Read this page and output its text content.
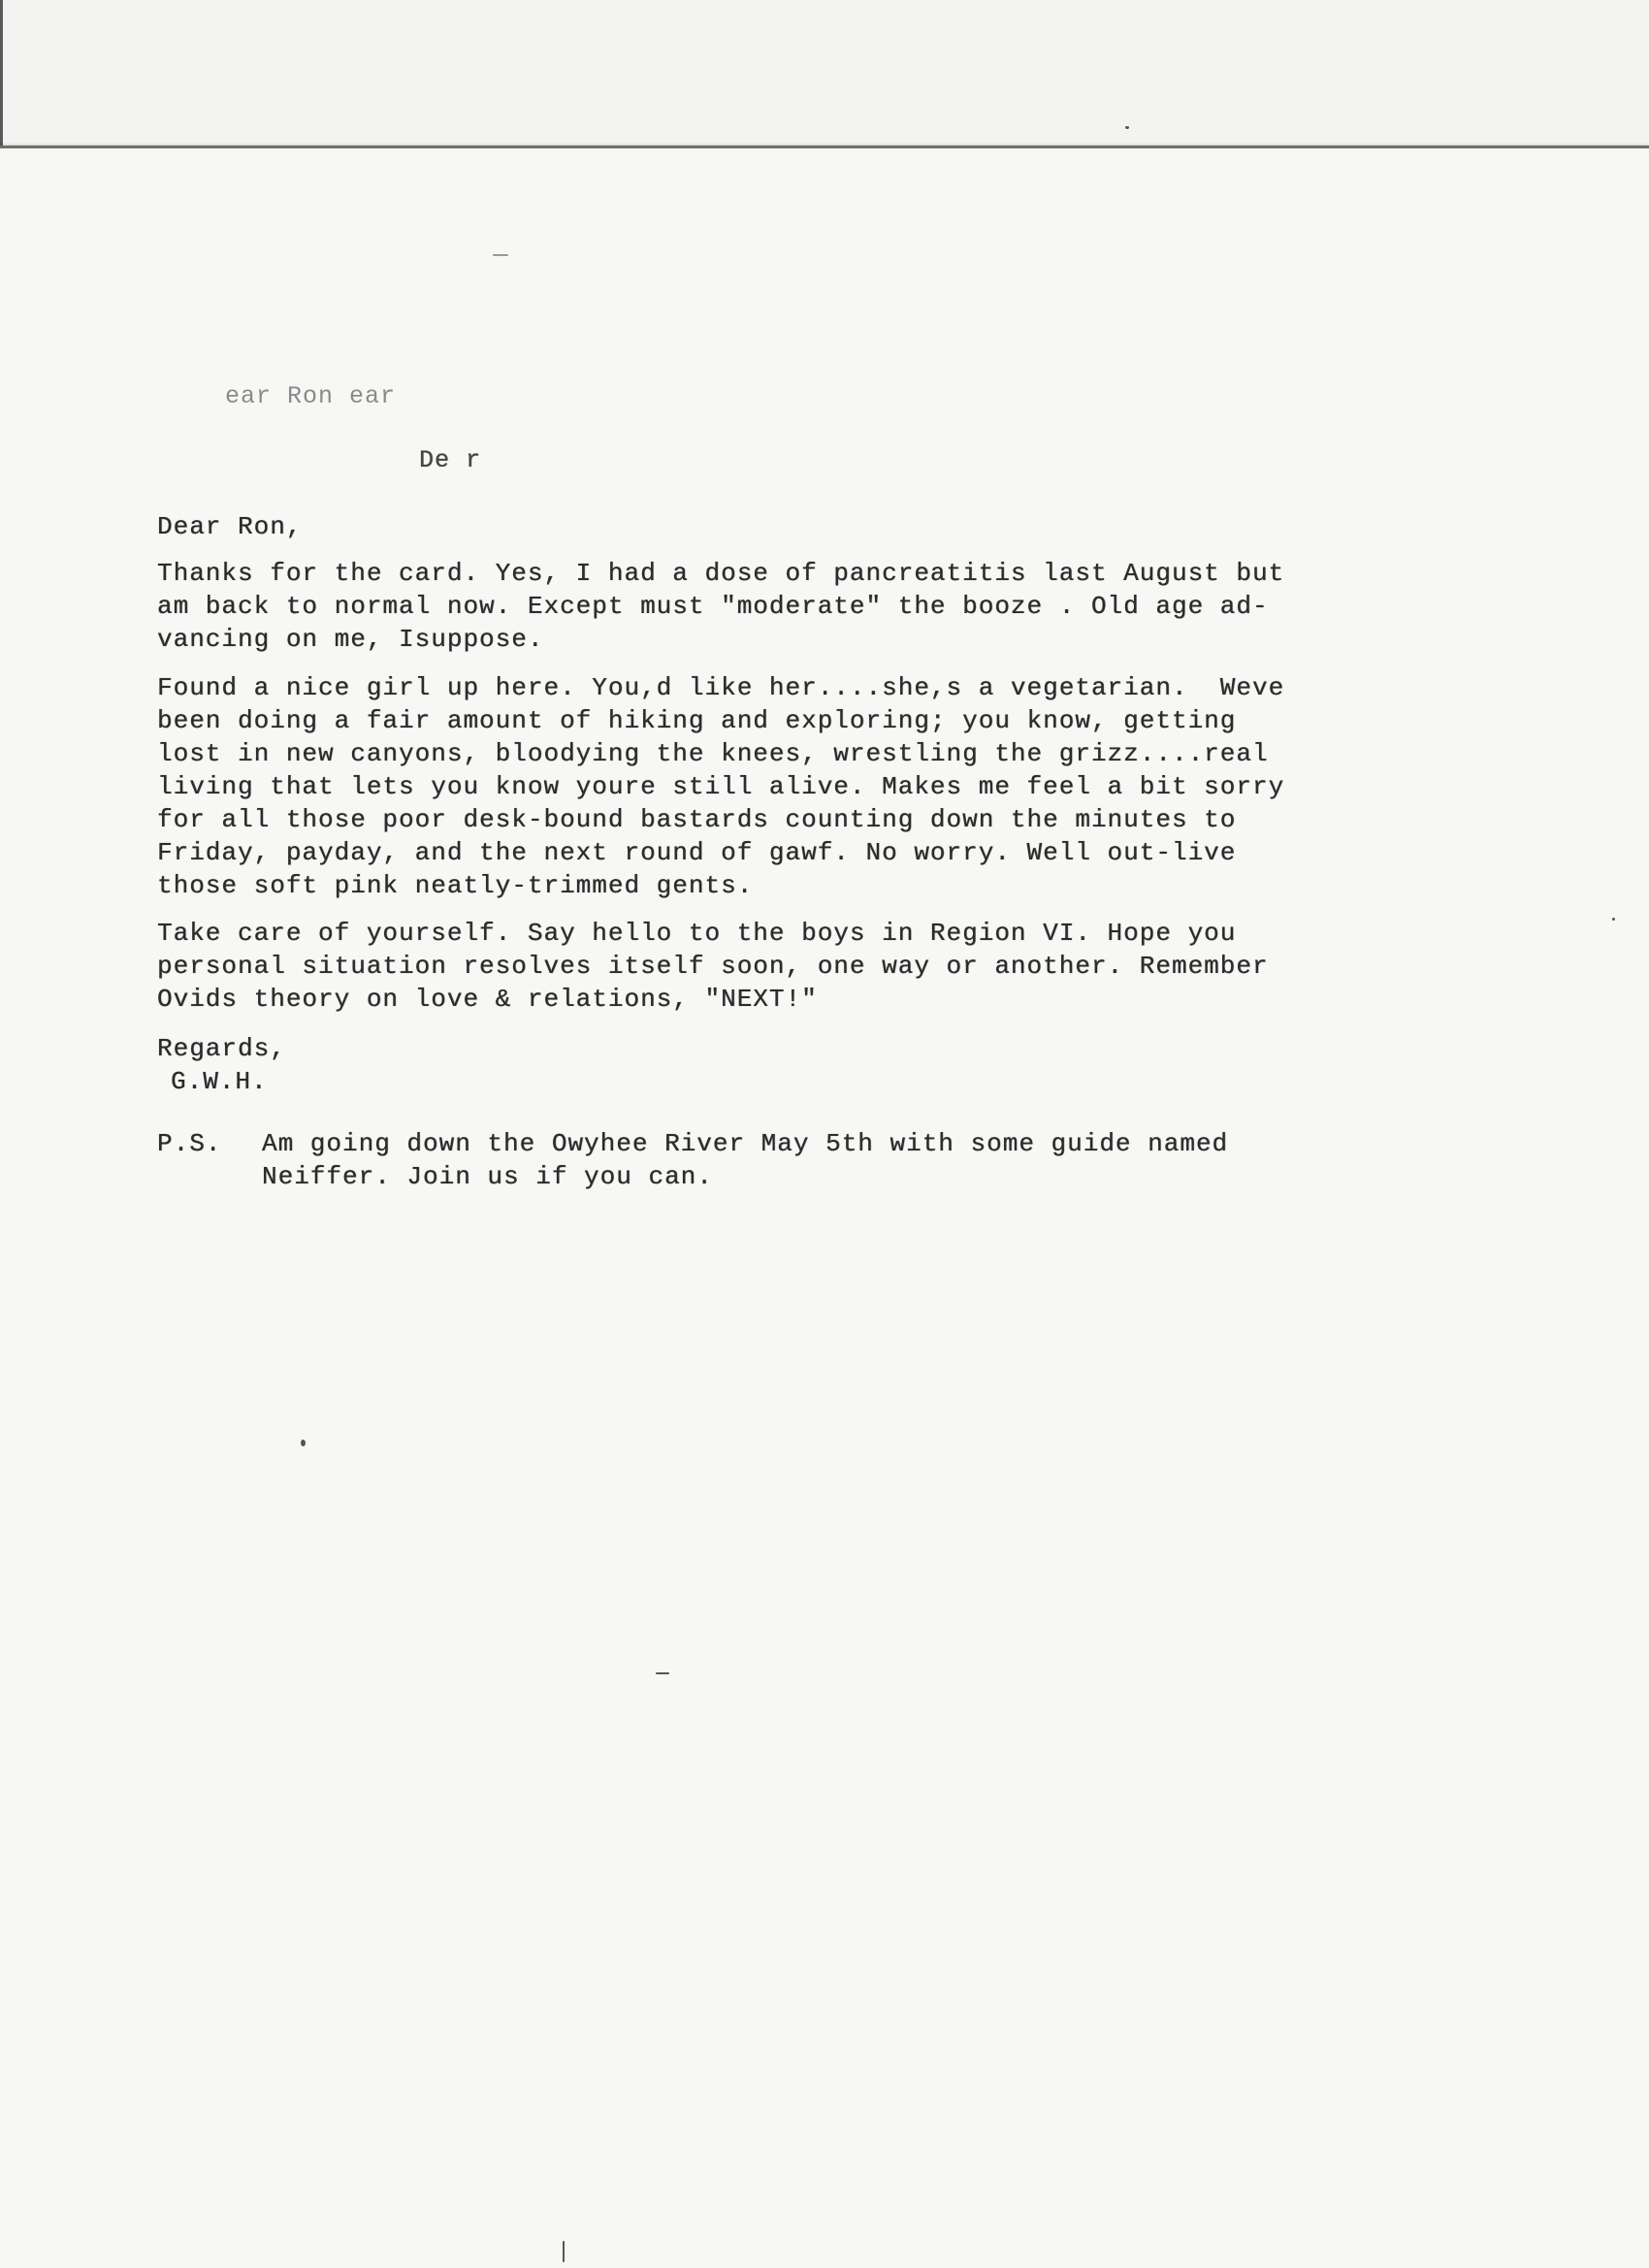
ear Ron ear
De r
Dear Ron,
Thanks for the card. Yes, I had a dose of pancreatitis last August but
am back to normal now. Except must "moderate" the booze . Old age ad-
vancing on me, Isuppose.
Found a nice girl up here. You,d like her....she,s a vegetarian.  Weve
been doing a fair amount of hiking and exploring; you know, getting
lost in new canyons, bloodying the knees, wrestling the grizz....real
living that lets you know youre still alive. Makes me feel a bit sorry
for all those poor desk-bound bastards counting down the minutes to
Friday, payday, and the next round of gawf. No worry. Well out-live
those soft pink neatly-trimmed gents.
Take care of yourself. Say hello to the boys in Region VI. Hope you
personal situation resolves itself soon, one way or another. Remember
Ovids theory on love & relations, "NEXT!"
Regards,
G.W.H.
P.S. Am going down the Owyhee River May 5th with some guide named
Neiffer. Join us if you can.
